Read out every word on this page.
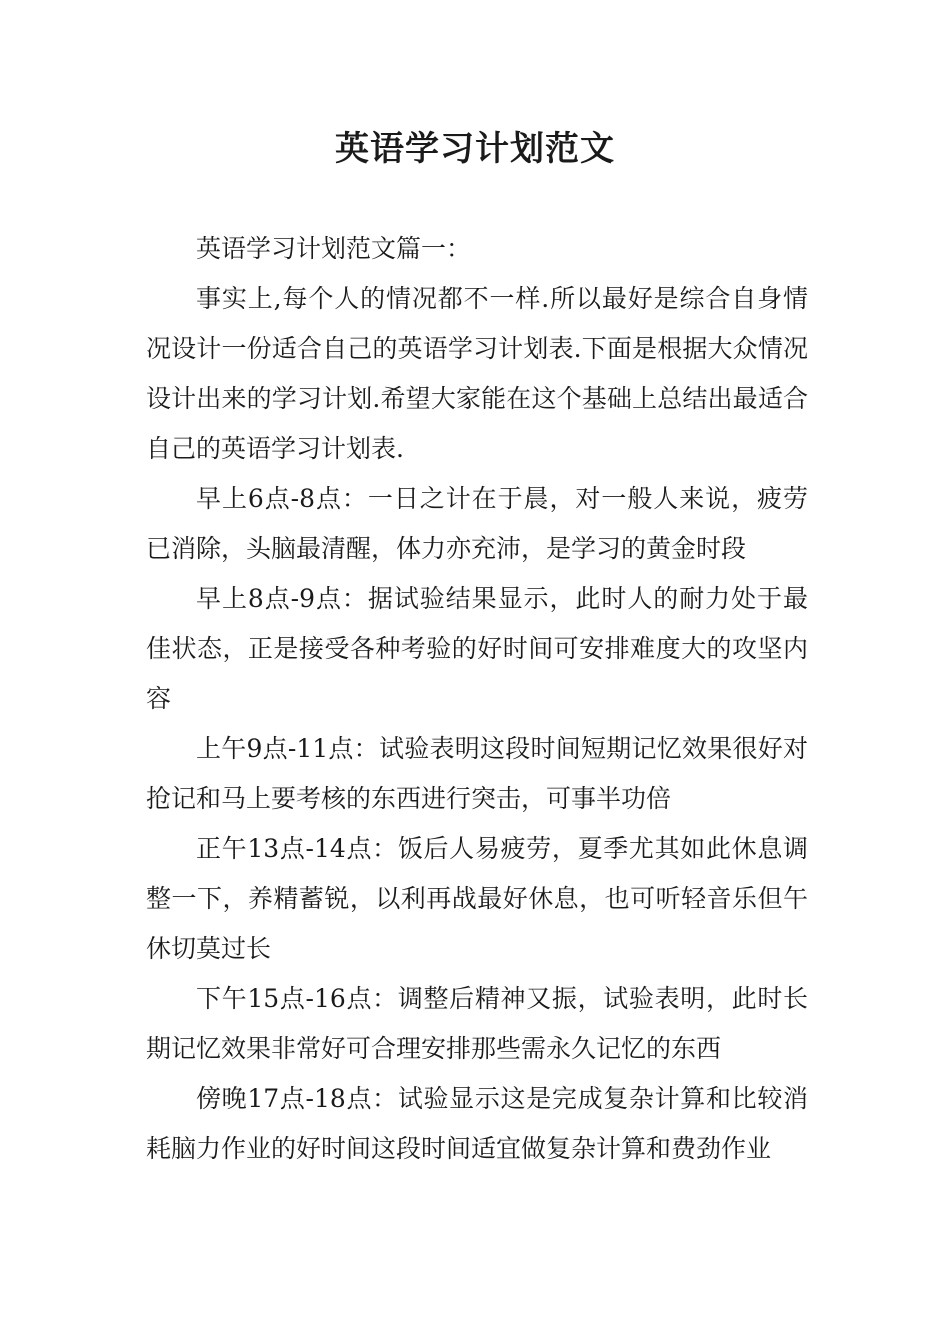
英语学习计划范文

英语学习计划范文篇一：

事实上,每个人的情况都不一样.所以最好是综合自身情况设计一份适合自己的英语学习计划表.下面是根据大众情况设计出来的学习计划.希望大家能在这个基础上总结出最适合自己的英语学习计划表.

早上6点-8点：一日之计在于晨，对一般人来说，疲劳已消除，头脑最清醒，体力亦充沛，是学习的黄金时段

早上8点-9点：据试验结果显示，此时人的耐力处于最佳状态，正是接受各种考验的好时间可安排难度大的攻坚内容

上午9点-11点：试验表明这段时间短期记忆效果很好对抢记和马上要考核的东西进行突击，可事半功倍

正午13点-14点：饭后人易疲劳，夏季尤其如此休息调整一下，养精蓄锐，以利再战最好休息，也可听轻音乐但午休切莫过长

下午15点-16点：调整后精神又振，试验表明，此时长期记忆效果非常好可合理安排那些需永久记忆的东西

傍晚17点-18点：试验显示这是完成复杂计算和比较消耗脑力作业的好时间这段时间适宜做复杂计算和费劲作业
